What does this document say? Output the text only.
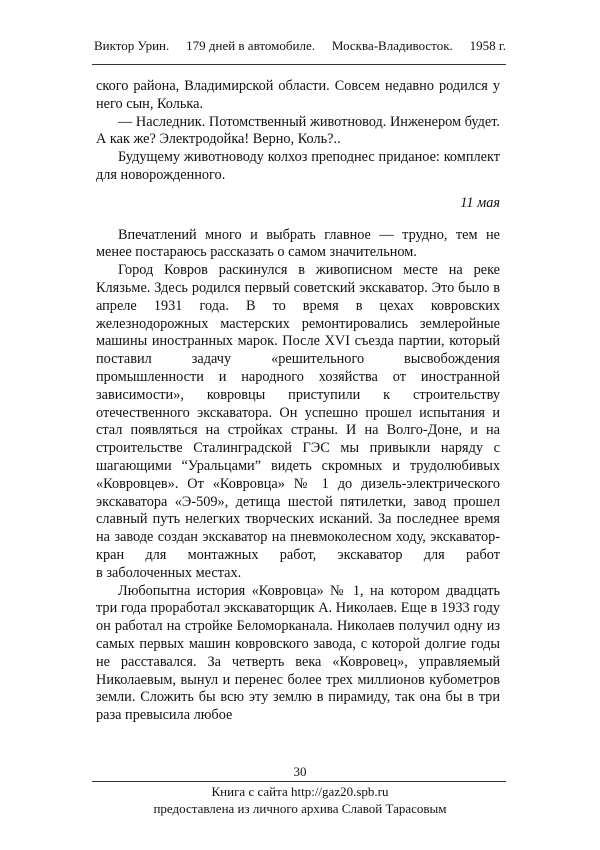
Виктор Урин. 179 дней в автомобиле. Москва-Владивосток. 1958 г.

ского района, Владимирской области. Совсем недавно родился у него сын, Колька.

— Наследник. Потомственный животновод. Инженером будет. А как же? Электродойка! Верно, Коль?..

Будущему животноводу колхоз преподнес приданое: комплект для новорожденного.

11 мая

Впечатлений много и выбрать главное — трудно, тем не менее постараюсь рассказать о самом значительном.

Город Ковров раскинулся в живописном месте на реке Клязьме. Здесь родился первый советский экскаватор. Это было в апреле 1931 года. В то время в цехах ковровских железнодорожных мастерских ремонтировались землеройные машины иностранных марок. После XVI съезда партии, который поставил задачу «решительного высвобождения промышленности и народного хозяйства от иностранной зависимости», ковровцы приступили к строительству отечественного экскаватора. Он успешно прошел испытания и стал появляться на стройках страны. И на Волго-Доне, и на строительстве Сталинградской ГЭС мы привыкли наряду с шагающими “Уральцами” видеть скромных и трудолюбивых «Ковровцев». От «Ковровца» № 1 до дизель-электрического экскаватора «Э-509», детища шестой пятилетки, завод прошел славный путь нелегких творческих исканий. За последнее время на заводе создан экскаватор на пневмоколесном ходу, экскаватор-кран для монтажных работ, экскаватор для работ

в заболоченных местах.

Любопытна история «Ковровца» № 1, на котором двадцать три года проработал экскаваторщик А. Николаев. Еще в 1933 году он работал на стройке Беломорканала. Николаев получил одну из самых первых машин ковровского завода, с которой долгие годы не расставался. За четверть века «Ковровец», управляемый Николаевым, вынул и перенес более трех миллионов кубометров земли. Сложить бы всю эту землю в пирамиду, так она бы в три раза превысила любое

30
Книга с сайта http://gaz20.spb.ru
предоставлена из личного архива Славой Тарасовым
